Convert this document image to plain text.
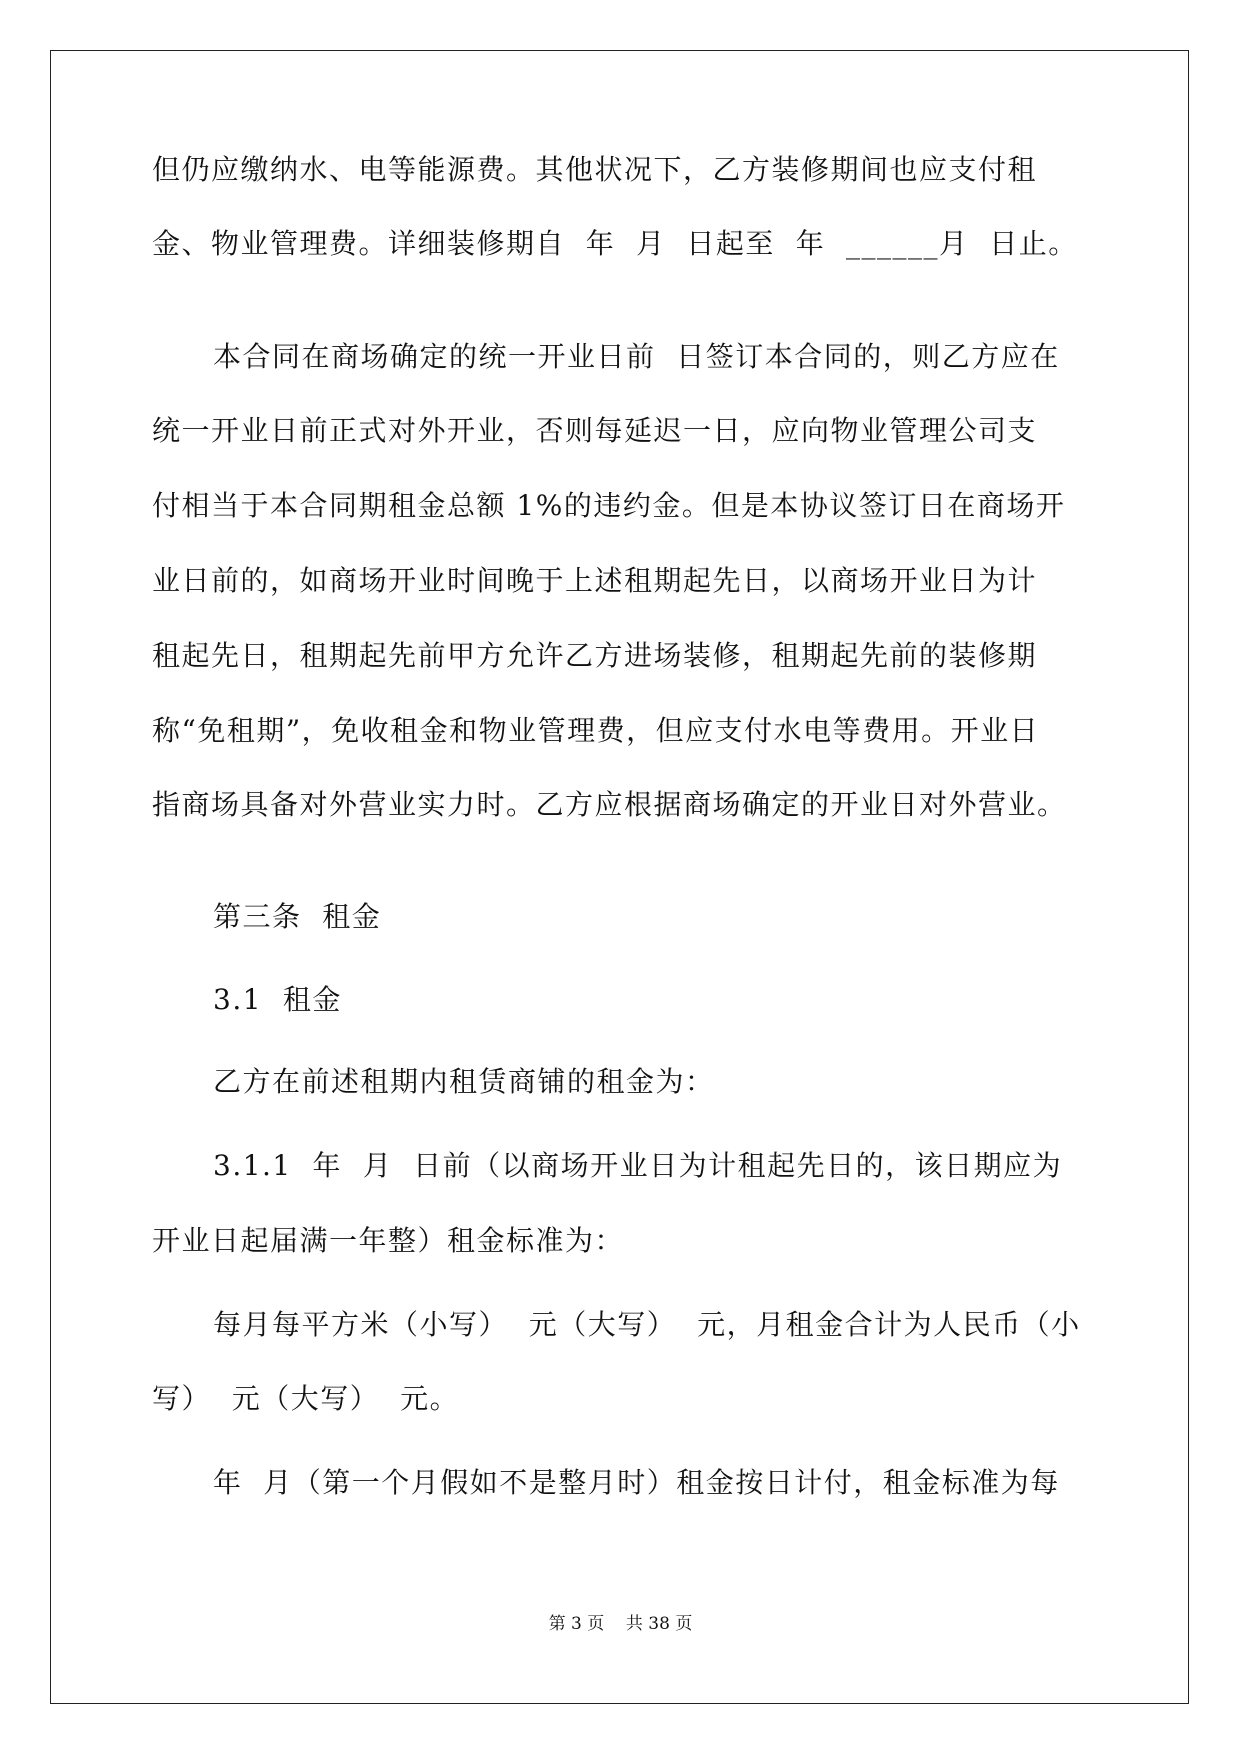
但仍应缴纳水、电等能源费。其他状况下，乙方装修期间也应支付租
金、物业管理费。详细装修期自  年  月  日起至  年  ______月  日止。
本合同在商场确定的统一开业日前  日签订本合同的，则乙方应在
统一开业日前正式对外开业，否则每延迟一日，应向物业管理公司支
付相当于本合同期租金总额 1%的违约金。但是本协议签订日在商场开
业日前的，如商场开业时间晚于上述租期起先日，以商场开业日为计
租起先日，租期起先前甲方允许乙方进场装修，租期起先前的装修期
称“免租期”，免收租金和物业管理费，但应支付水电等费用。开业日
指商场具备对外营业实力时。乙方应根据商场确定的开业日对外营业。
第三条  租金
3.1  租金
乙方在前述租期内租赁商铺的租金为：
3.1.1  年  月  日前（以商场开业日为计租起先日的，该日期应为
开业日起届满一年整）租金标准为：
每月每平方米（小写）  元（大写）  元，月租金合计为人民币（小
写）  元（大写）  元。
年  月（第一个月假如不是整月时）租金按日计付，租金标准为每
第 3 页    共 38 页
